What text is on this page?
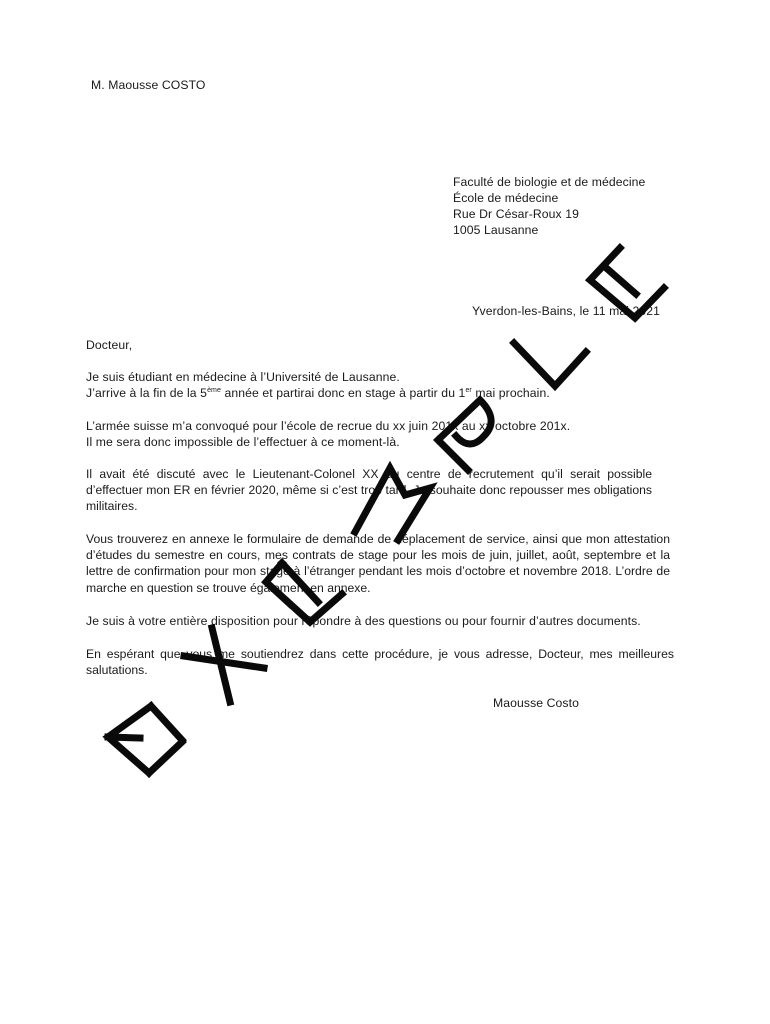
M. Maousse COSTO
Faculté de biologie et de médecine
École de médecine
Rue Dr César-Roux 19
1005 Lausanne
Yverdon-les-Bains, le 11 mai 2021
Docteur,
Je suis étudiant en médecine à l’Université de Lausanne.
J’arrive à la fin de la 5ème année et partirai donc en stage à partir du 1er mai prochain.
L’armée suisse m’a convoqué pour l’école de recrue du xx juin 201x au xx octobre 201x.
Il me sera donc impossible de l’effectuer à ce moment-là.
Il avait été discuté avec le Lieutenant-Colonel XX du centre de recrutement qu’il serait possible d’effectuer mon ER en février 2020, même si c’est trop tard. Je souhaite donc repousser mes obligations militaires.
Vous trouverez en annexe le formulaire de demande de déplacement de service, ainsi que mon attestation d’études du semestre en cours, mes contrats de stage pour les mois de juin, juillet, août, septembre et la lettre de confirmation pour mon stage à l’étranger pendant les mois d’octobre et novembre 2018. L’ordre de marche en question se trouve également en annexe.
Je suis à votre entière disposition pour répondre à des questions ou pour fournir d’autres documents.
En espérant que vous me soutiendrez dans cette procédure, je vous adresse, Docteur, mes meilleures salutations.
Maousse Costo
